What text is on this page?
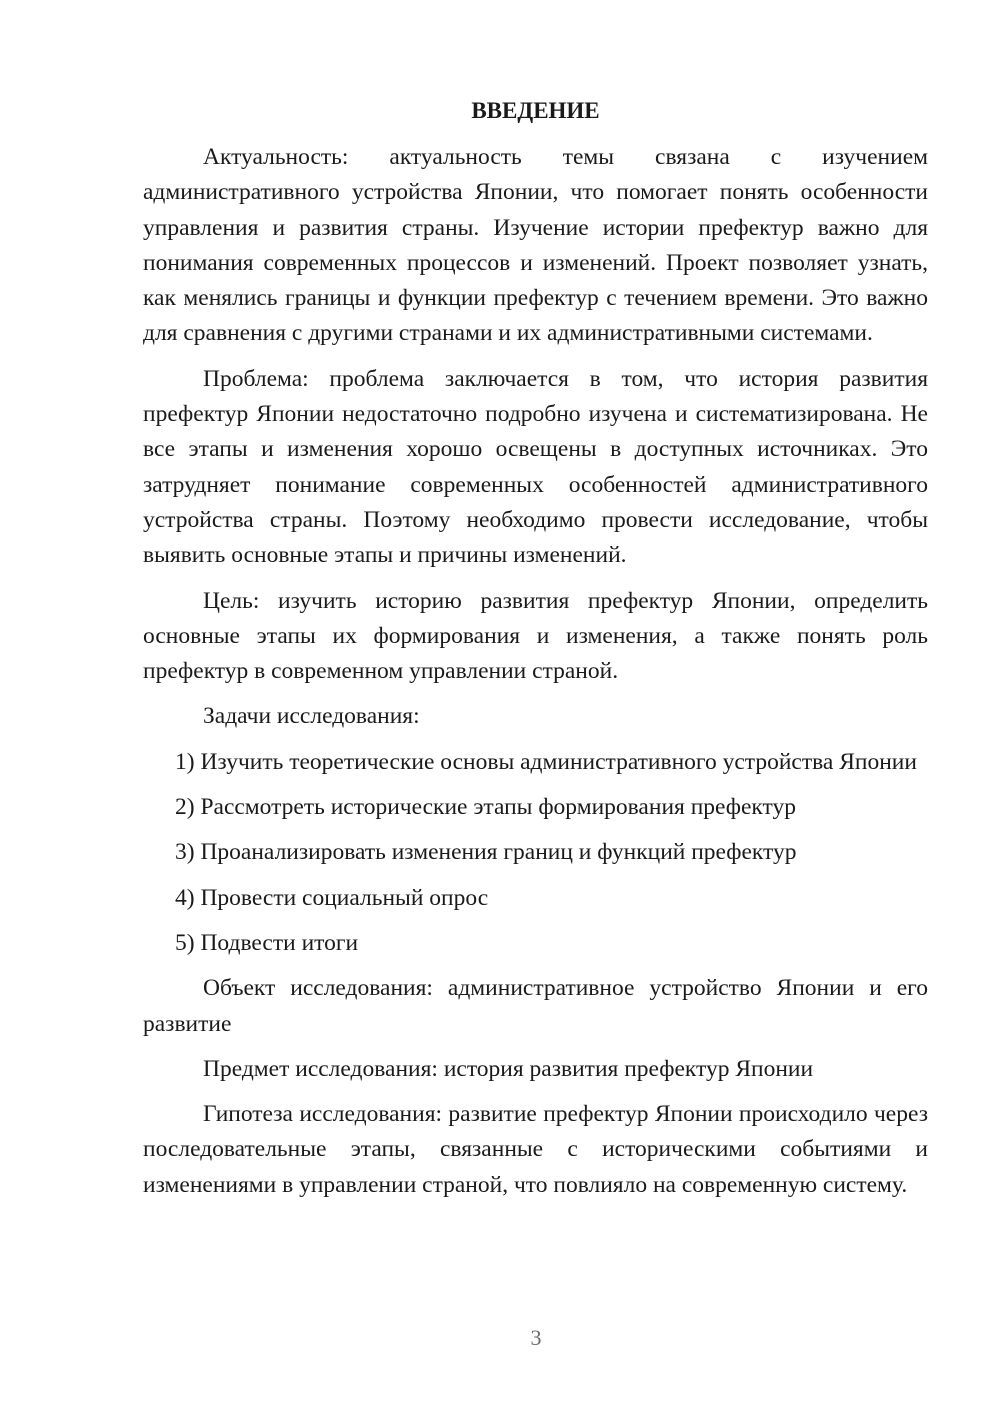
ВВЕДЕНИЕ

Актуальность: актуальность темы связана с изучением административного устройства Японии, что помогает понять особенности управления и развития страны. Изучение истории префектур важно для понимания современных процессов и изменений. Проект позволяет узнать, как менялись границы и функции префектур с течением времени. Это важно для сравнения с другими странами и их административными системами.

Проблема: проблема заключается в том, что история развития префектур Японии недостаточно подробно изучена и систематизирована. Не все этапы и изменения хорошо освещены в доступных источниках. Это затрудняет понимание современных особенностей административного устройства страны. Поэтому необходимо провести исследование, чтобы выявить основные этапы и причины изменений.

Цель: изучить историю развития префектур Японии, определить основные этапы их формирования и изменения, а также понять роль префектур в современном управлении страной.

Задачи исследования:

1) Изучить теоретические основы административного устройства Японии

2) Рассмотреть исторические этапы формирования префектур

3) Проанализировать изменения границ и функций префектур

4) Провести социальный опрос

5) Подвести итоги

Объект исследования: административное устройство Японии и его развитие

Предмет исследования: история развития префектур Японии

Гипотеза исследования: развитие префектур Японии происходило через последовательные этапы, связанные с историческими событиями и изменениями в управлении страной, что повлияло на современную систему.

3
